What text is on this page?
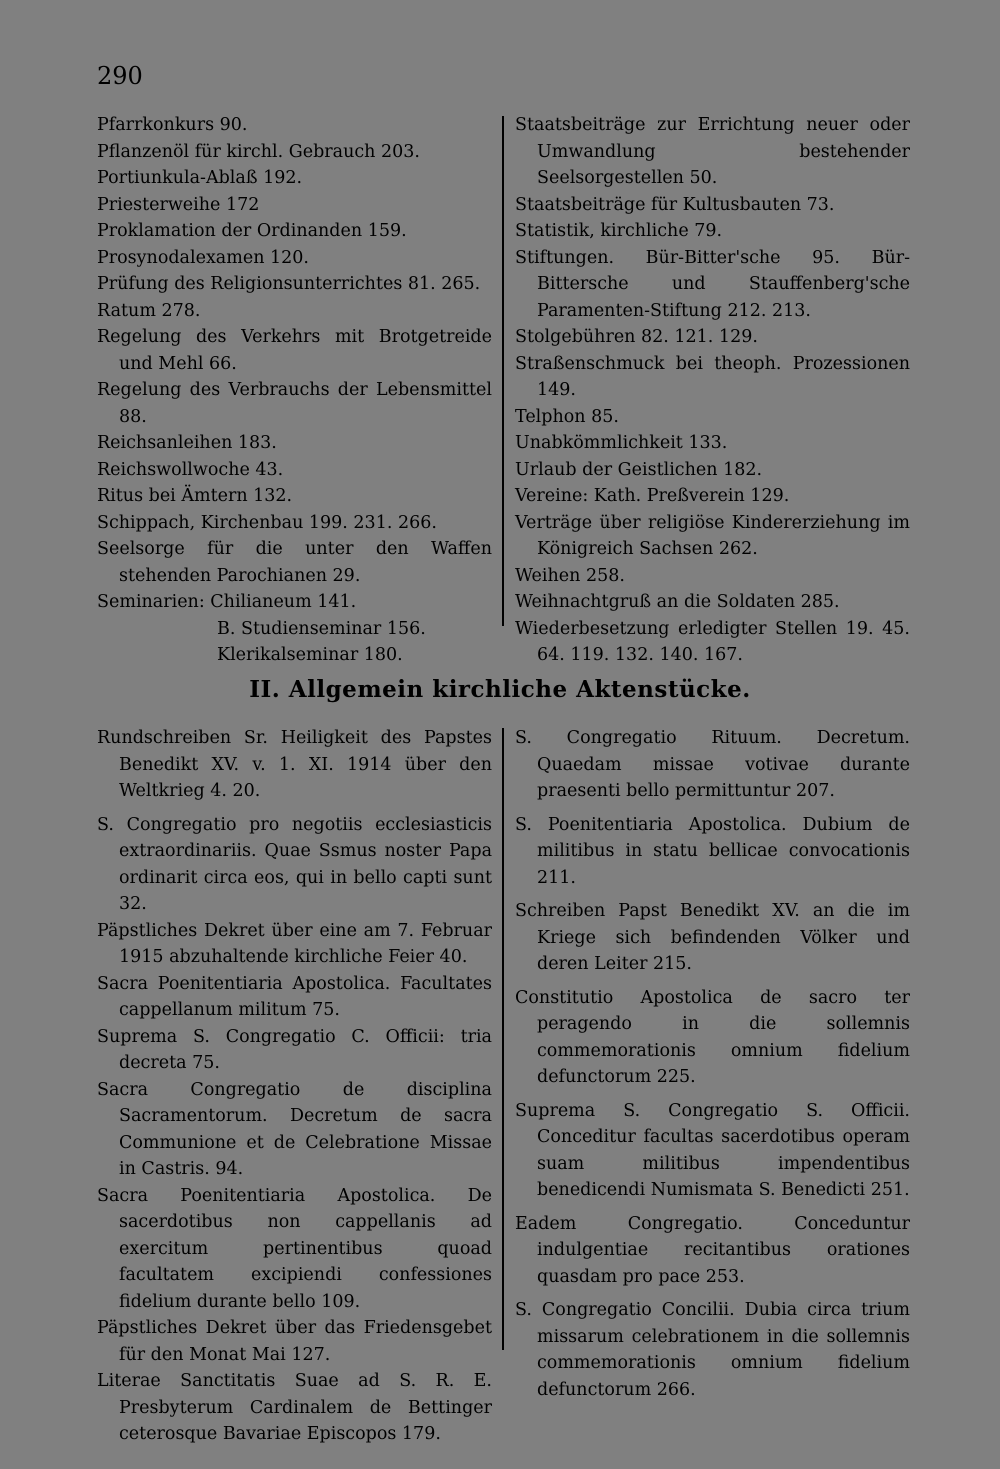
290
Pfarrkonkurs 90.
Pflanzenöl für kirchl. Gebrauch 203.
Portiunkula-Ablaß 192.
Priesterweihe 172
Proklamation der Ordinanden 159.
Prosynodalexamen 120.
Prüfung des Religionsunterrichtes 81. 265.
Ratum 278.
Regelung des Verkehrs mit Brotgetreide und Mehl 66.
Regelung des Verbrauchs der Lebensmittel 88.
Reichsanleihen 183.
Reichswollwoche 43.
Ritus bei Ämtern 132.
Schippach, Kirchenbau 199. 231. 266.
Seelsorge für die unter den Waffen stehenden Parochianen 29.
Seminarien: Chilianeum 141.
B. Studienseminar 156.
Klerikalseminar 180.
Staatsbeiträge zur Errichtung neuer oder Umwandlung bestehender Seelsorgestellen 50.
Staatsbeiträge für Kultusbauten 73.
Statistik, kirchliche 79.
Stiftungen. Bür-Bitter'sche 95. Bür-Bittersche und Stauffenberg'sche Paramenten-Stiftung 212. 213.
Stolgebühren 82. 121. 129.
Straßenschmuck bei theoph. Prozessionen 149.
Telphon 85.
Unabkömmlichkeit 133.
Urlaub der Geistlichen 182.
Vereine: Kath. Preßverein 129.
Verträge über religiöse Kindererziehung im Königreich Sachsen 262.
Weihen 258.
Weihnachtgruß an die Soldaten 285.
Wiederbesetzung erledigter Stellen 19. 45. 64. 119. 132. 140. 167.
II. Allgemein kirchliche Aktenstücke.
Rundschreiben Sr. Heiligkeit des Papstes Benedikt XV. v. 1. XI. 1914 über den Weltkrieg 4. 20.
S. Congregatio pro negotiis ecclesiasticis extraordinariis. Quae Ssmus noster Papa ordinarit circa eos, qui in bello capti sunt 32.
Päpstliches Dekret über eine am 7. Februar 1915 abzuhaltende kirchliche Feier 40.
Sacra Poenitentiaria Apostolica. Facultates cappellanum militum 75.
Suprema S. Congregatio C. Officii: tria decreta 75.
Sacra Congregatio de disciplina Sacramentorum. Decretum de sacra Communione et de Celebratione Missae in Castris. 94.
Sacra Poenitentiaria Apostolica. De sacerdotibus non cappellanis ad exercitum pertinentibus quoad facultatem excipiendi confessiones fidelium durante bello 109.
Päpstliches Dekret über das Friedensgebet für den Monat Mai 127.
Literae Sanctitatis Suae ad S. R. E. Presbyterum Cardinalem de Bettinger ceterosque Bavariae Episcopos 179.
S. Congregatio Rituum. Decretum. Quaedam missae votivae durante praesenti bello permittuntur 207.
S. Poenitentiaria Apostolica. Dubium de militibus in statu bellicae convocationis 211.
Schreiben Papst Benedikt XV. an die im Kriege sich befindenden Völker und deren Leiter 215.
Constitutio Apostolica de sacro ter peragendo in die sollemnis commemorationis omnium fidelium defunctorum 225.
Suprema S. Congregatio S. Officii. Conceditur facultas sacerdotibus operam suam militibus impendentibus benedicendi Numismata S. Benedicti 251.
Eadem Congregatio. Conceduntur indulgentiae recitantibus orationes quasdam pro pace 253.
S. Congregatio Concilii. Dubia circa trium missarum celebrationem in die sollemnis commemorationis omnium fidelium defunctorum 266.
